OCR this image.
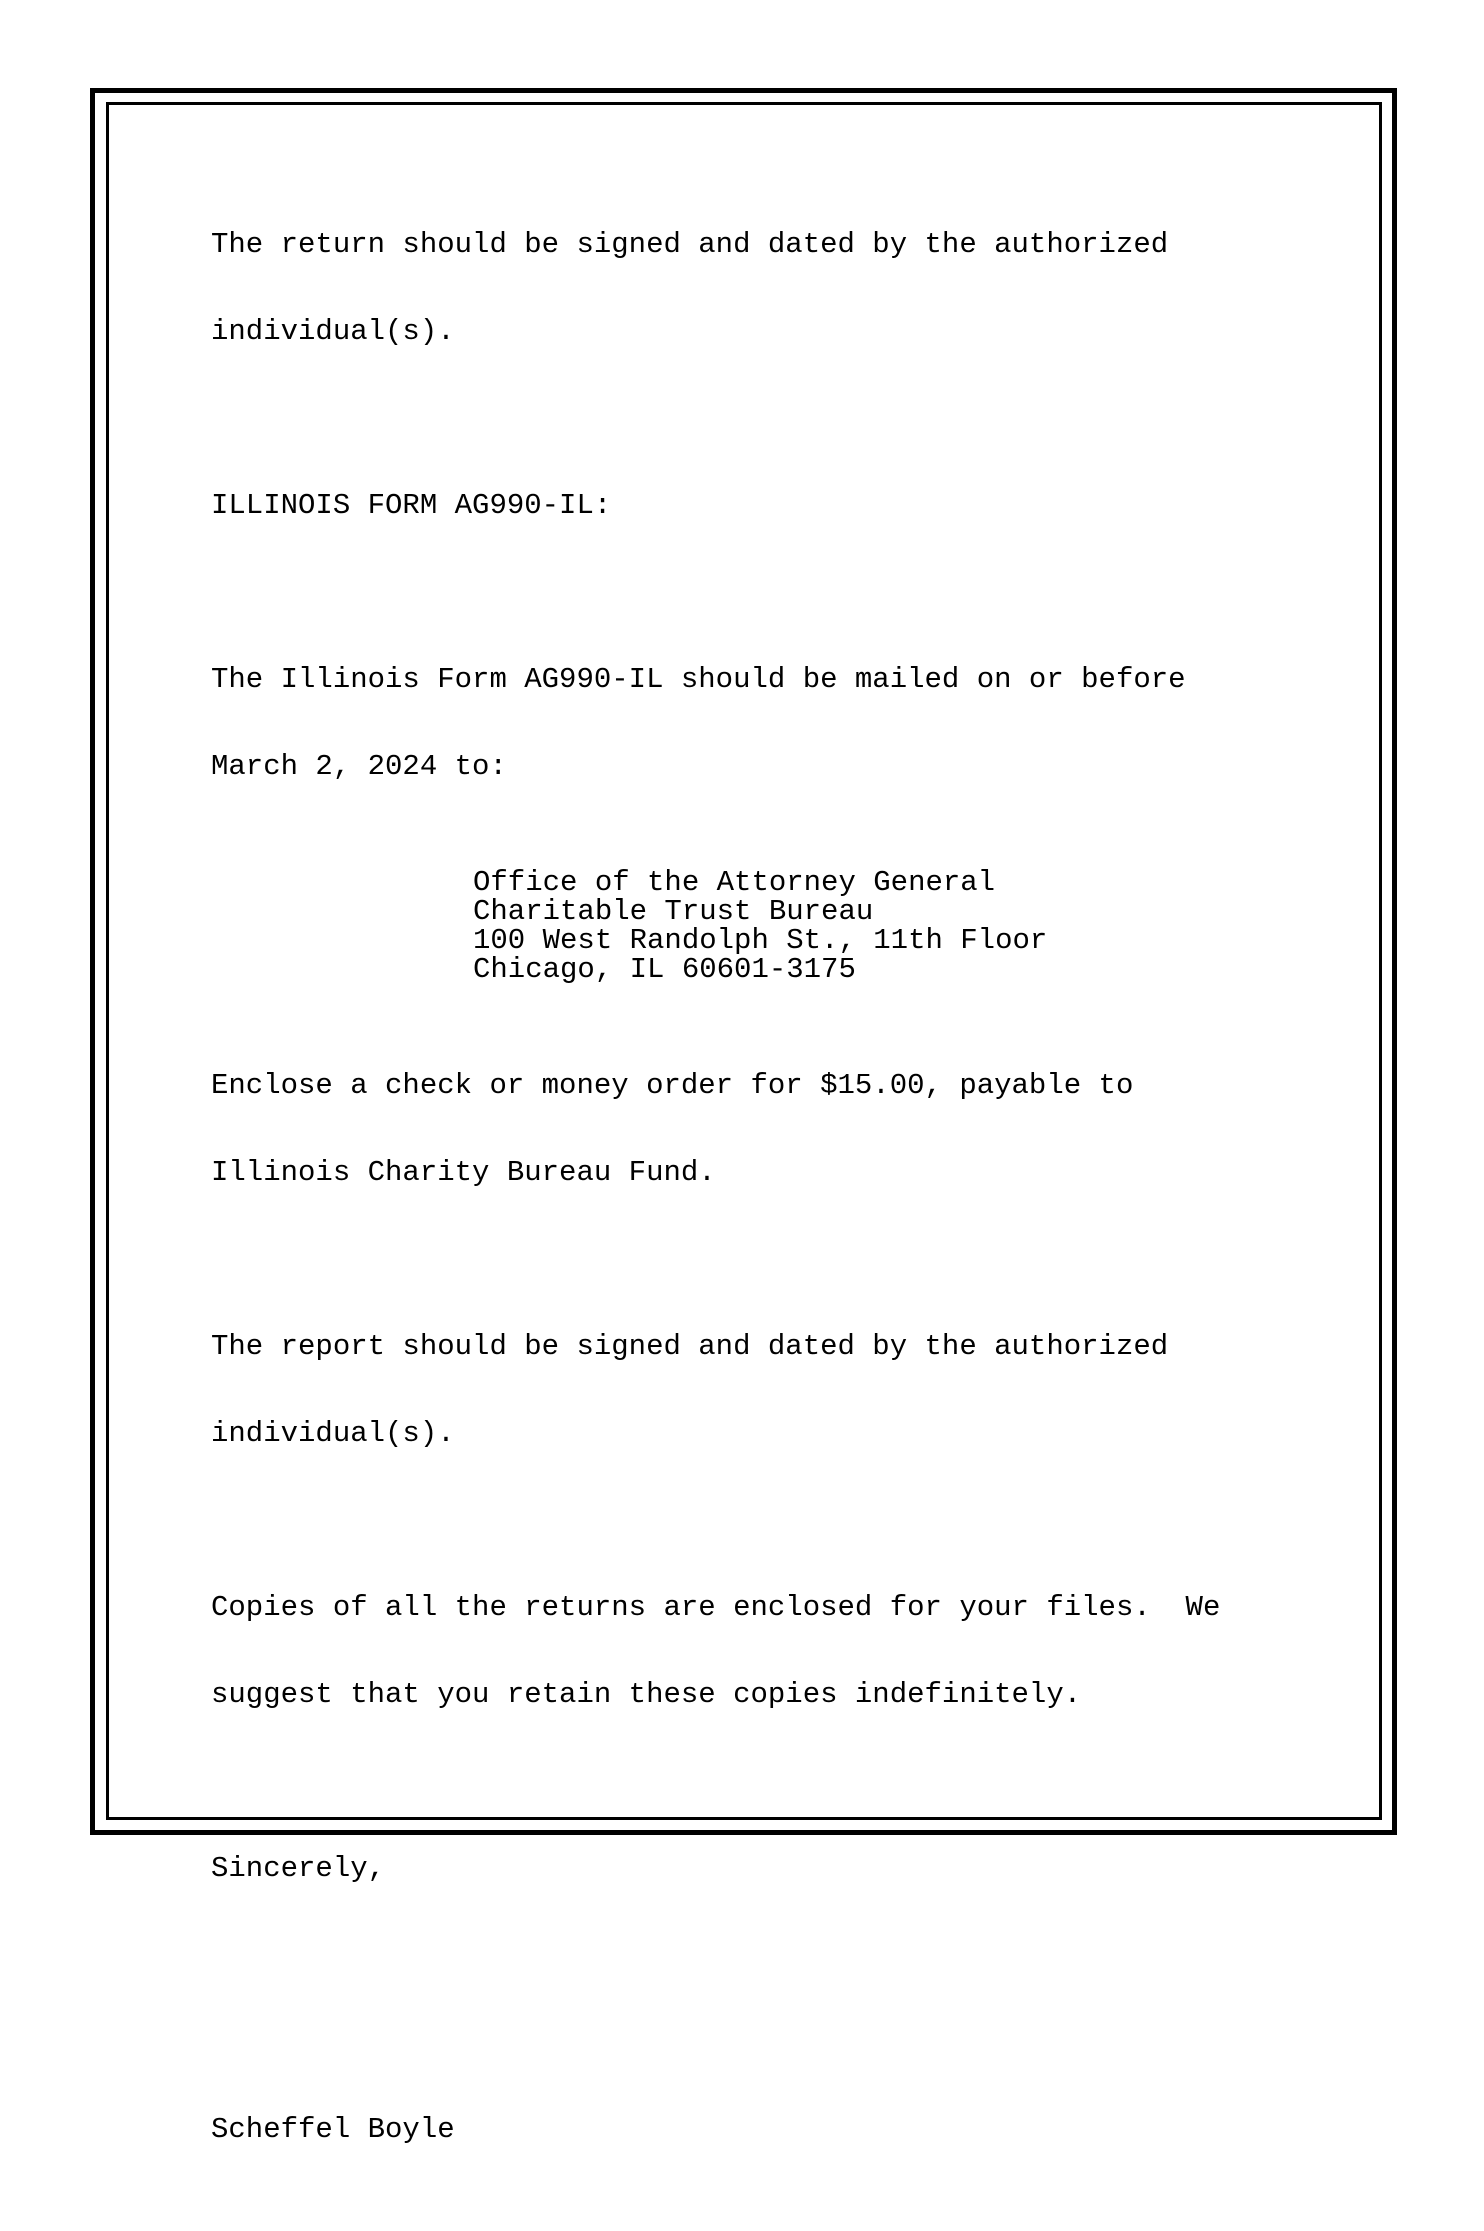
The return should be signed and dated by the authorized

individual(s).

ILLINOIS FORM AG990-IL:

The Illinois Form AG990-IL should be mailed on or before

March 2, 2024 to:

Office of the Attorney General
Charitable Trust Bureau
100 West Randolph St., 11th Floor
Chicago, IL 60601-3175

Enclose a check or money order for $15.00, payable to

Illinois Charity Bureau Fund.

The report should be signed and dated by the authorized

individual(s).

Copies of all the returns are enclosed for your files.  We

suggest that you retain these copies indefinitely.

Sincerely,

Scheffel Boyle
